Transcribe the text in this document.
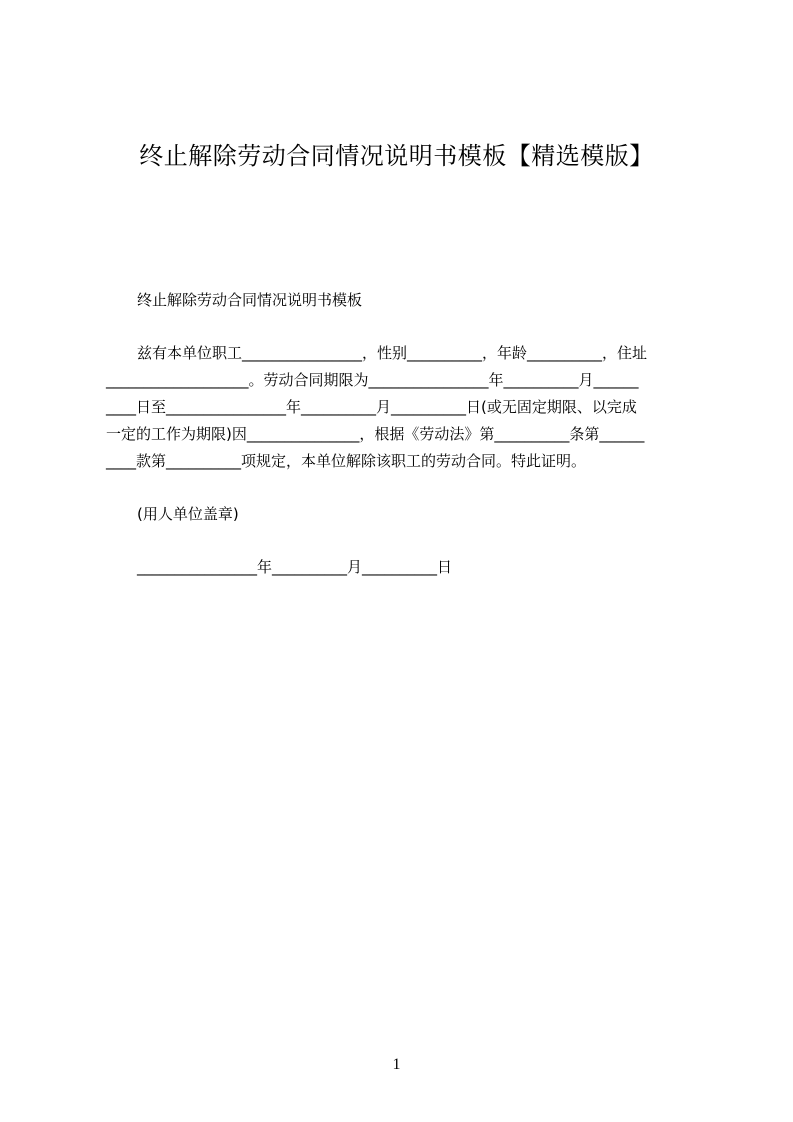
终止解除劳动合同情况说明书模板【精选模版】
终止解除劳动合同情况说明书模板
兹有本单位职工________________，性别__________，年龄__________，住址
___________________。劳动合同期限为________________年__________月______
____日至________________年__________月__________日(或无固定期限、以完成
一定的工作为期限)因_______________，根据《劳动法》第__________条第______
____款第__________项规定，本单位解除该职工的劳动合同。特此证明。
(用人单位盖章)
________________年__________月__________日
1
